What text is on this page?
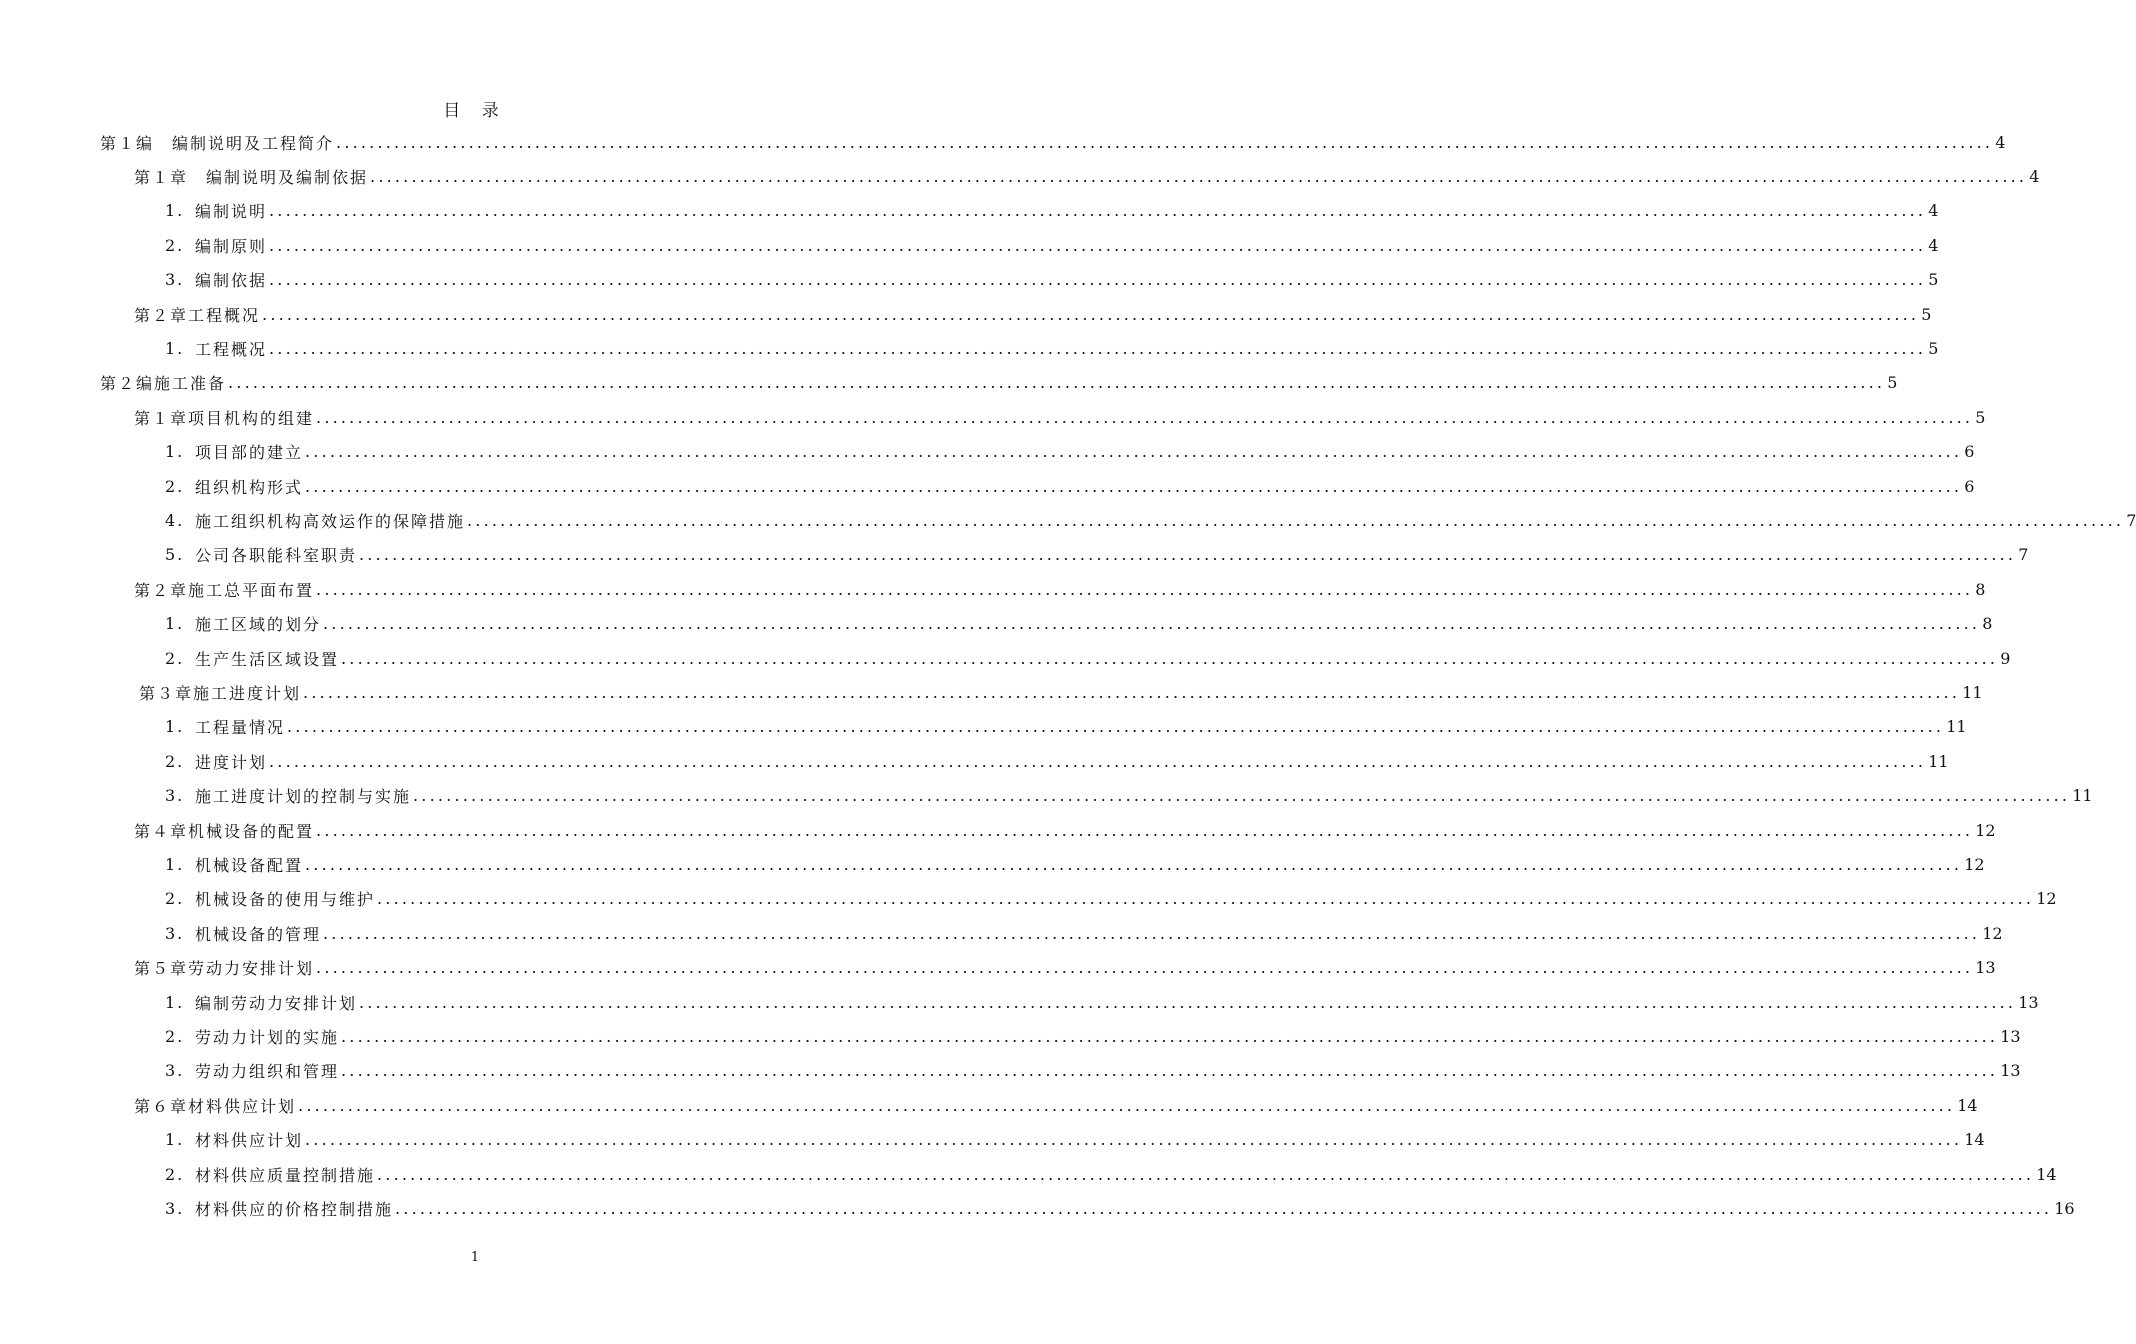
目 录
第１编 　编制说明及工程简介 ........................................................................................................................................................................................................ 4
第１章 　编制说明及编制依据 ........................................................................................................................................................................................................ 4
1. 编制说明 ........................................................................................................................................................................................................ 4
2. 编制原则 ........................................................................................................................................................................................................ 4
3. 编制依据 ........................................................................................................................................................................................................ 5
第２章 工程概况 ........................................................................................................................................................................................................ 5
1. 工程概况 ........................................................................................................................................................................................................ 5
第２编 施工准备 ........................................................................................................................................................................................................ 5
第１章 项目机构的组建 ........................................................................................................................................................................................................ 5
1. 项目部的建立 ........................................................................................................................................................................................................ 6
2. 组织机构形式 ........................................................................................................................................................................................................ 6
4. 施工组织机构高效运作的保障措施 ........................................................................................................................................................................................................ 7
5. 公司各职能科室职责 ........................................................................................................................................................................................................ 7
第２章 施工总平面布置 ........................................................................................................................................................................................................ 8
1. 施工区域的划分 ........................................................................................................................................................................................................ 8
2. 生产生活区域设置 ........................................................................................................................................................................................................ 9
第３章 施工进度计划 ........................................................................................................................................................................................................ 11
1. 工程量情况 ........................................................................................................................................................................................................ 11
2. 进度计划 ........................................................................................................................................................................................................ 11
3. 施工进度计划的控制与实施 ........................................................................................................................................................................................................ 11
第４章 机械设备的配置 ........................................................................................................................................................................................................ 12
1. 机械设备配置 ........................................................................................................................................................................................................ 12
2. 机械设备的使用与维护 ........................................................................................................................................................................................................ 12
3. 机械设备的管理 ........................................................................................................................................................................................................ 12
第５章 劳动力安排计划 ........................................................................................................................................................................................................ 13
1. 编制劳动力安排计划 ........................................................................................................................................................................................................ 13
2. 劳动力计划的实施 ........................................................................................................................................................................................................ 13
3. 劳动力组织和管理 ........................................................................................................................................................................................................ 13
第６章 材料供应计划 ........................................................................................................................................................................................................ 14
1. 材料供应计划 ........................................................................................................................................................................................................ 14
2. 材料供应质量控制措施 ........................................................................................................................................................................................................ 14
3. 材料供应的价格控制措施 ........................................................................................................................................................................................................ 16
1
